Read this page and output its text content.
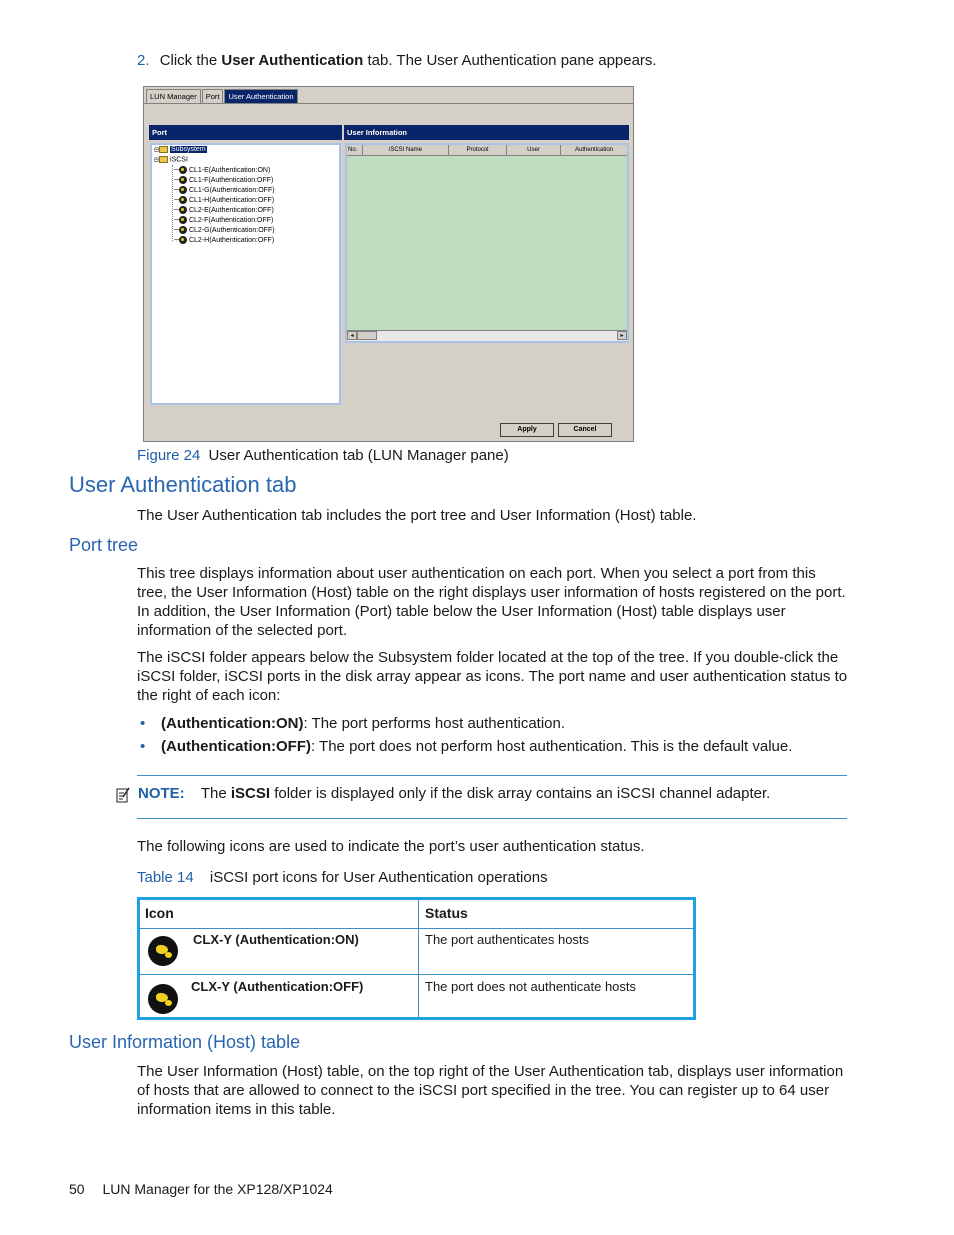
2. Click the User Authentication tab. The User Authentication pane appears.
LUN Manager	Port	User Authentication
Port	User Information
⊟ Subsystem
⊟ iSCSI
─ CL1-E(Authentication:ON)
─ CL1-F(Authentication:OFF)
─ CL1-G(Authentication:OFF)
─ CL1-H(Authentication:OFF)
─ CL2-E(Authentication:OFF)
─ CL2-F(Authentication:OFF)
─ CL2-G(Authentication:OFF)
─ CL2-H(Authentication:OFF)
No.	iSCSI Name	Protocol	User	Authentication
◂	▸
Apply	Cancel
Figure 24 User Authentication tab (LUN Manager pane)
User Authentication tab
The User Authentication tab includes the port tree and User Information (Host) table.
Port tree
This tree displays information about user authentication on each port. When you select a port from this
tree, the User Information (Host) table on the right displays user information of hosts registered on the port.
In addition, the User Information (Port) table below the User Information (Host) table displays user
information of the selected port.
The iSCSI folder appears below the Subsystem folder located at the top of the tree. If you double-click the
iSCSI folder, iSCSI ports in the disk array appear as icons. The port name and user authentication status to
the right of each icon:
• (Authentication:ON): The port performs host authentication.
• (Authentication:OFF): The port does not perform host authentication. This is the default value.
NOTE: The iSCSI folder is displayed only if the disk array contains an iSCSI channel adapter.
The following icons are used to indicate the port’s user authentication status.
Table 14 iSCSI port icons for User Authentication operations
Icon	Status
CLX-Y (Authentication:ON)	The port authenticates hosts
CLX-Y (Authentication:OFF)	The port does not authenticate hosts
User Information (Host) table
The User Information (Host) table, on the top right of the User Authentication tab, displays user information
of hosts that are allowed to connect to the iSCSI port specified in the tree. You can register up to 64 user
information items in this table.
50 LUN Manager for the XP128/XP1024
